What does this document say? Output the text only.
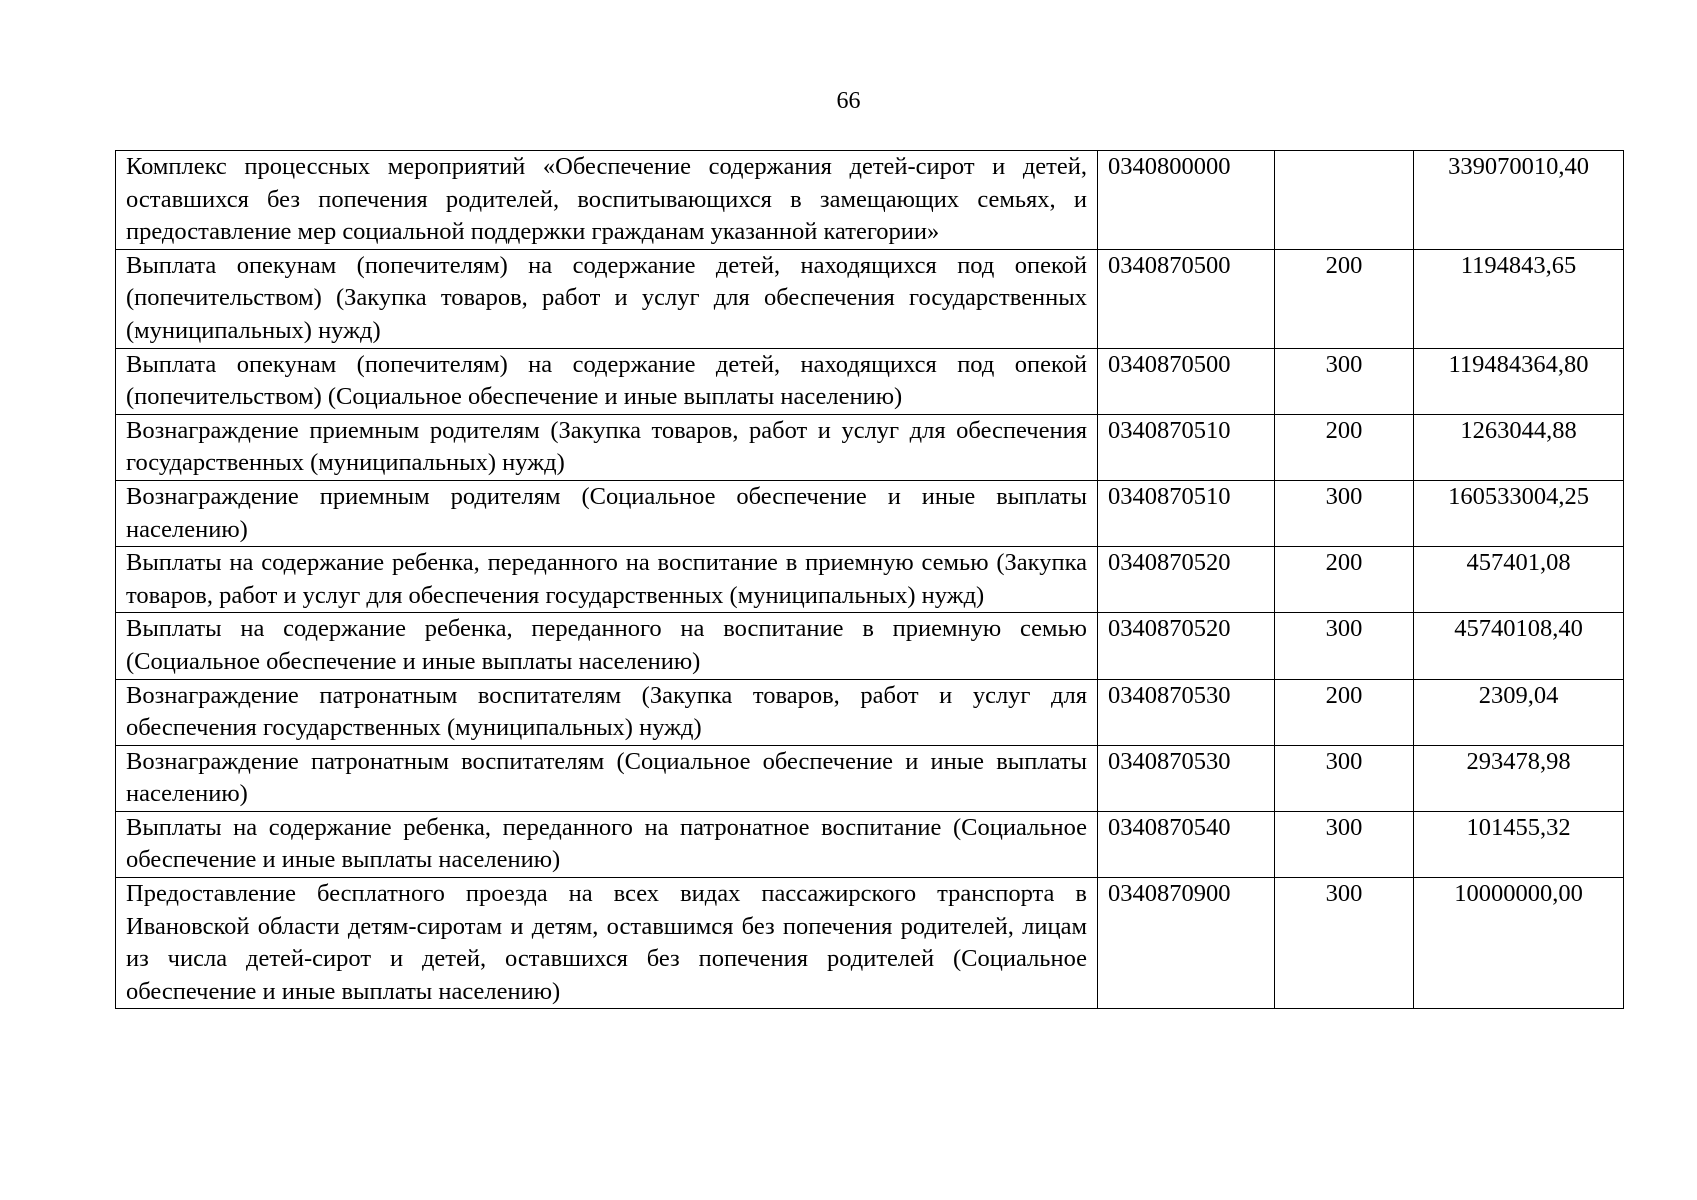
66
Комплекс процессных мероприятий «Обеспечение содержания детей-сирот и детей, оставшихся без попечения родителей, воспитывающихся в замещающих семьях, и предоставление мер социальной поддержки гражданам указанной категории»	0340800000		339070010,40
Выплата опекунам (попечителям) на содержание детей, находящихся под опекой (попечительством) (Закупка товаров, работ и услуг для обеспечения государственных (муниципальных) нужд)	0340870500	200	1194843,65
Выплата опекунам (попечителям) на содержание детей, находящихся под опекой (попечительством) (Социальное обеспечение и иные выплаты населению)	0340870500	300	119484364,80
Вознаграждение приемным родителям (Закупка товаров, работ и услуг для обеспечения государственных (муниципальных) нужд)	0340870510	200	1263044,88
Вознаграждение приемным родителям (Социальное обеспечение и иные выплаты населению)	0340870510	300	160533004,25
Выплаты на содержание ребенка, переданного на воспитание в приемную семью (Закупка товаров, работ и услуг для обеспечения государственных (муниципальных) нужд)	0340870520	200	457401,08
Выплаты на содержание ребенка, переданного на воспитание в приемную семью (Социальное обеспечение и иные выплаты населению)	0340870520	300	45740108,40
Вознаграждение патронатным воспитателям (Закупка товаров, работ и услуг для обеспечения государственных (муниципальных) нужд)	0340870530	200	2309,04
Вознаграждение патронатным воспитателям (Социальное обеспечение и иные выплаты населению)	0340870530	300	293478,98
Выплаты на содержание ребенка, переданного на патронатное воспитание (Социальное обеспечение и иные выплаты населению)	0340870540	300	101455,32
Предоставление бесплатного проезда на всех видах пассажирского транспорта в Ивановской области детям-сиротам и детям, оставшимся без попечения родителей, лицам из числа детей-сирот и детей, оставшихся без попечения родителей (Социальное обеспечение и иные выплаты населению)	0340870900	300	10000000,00
